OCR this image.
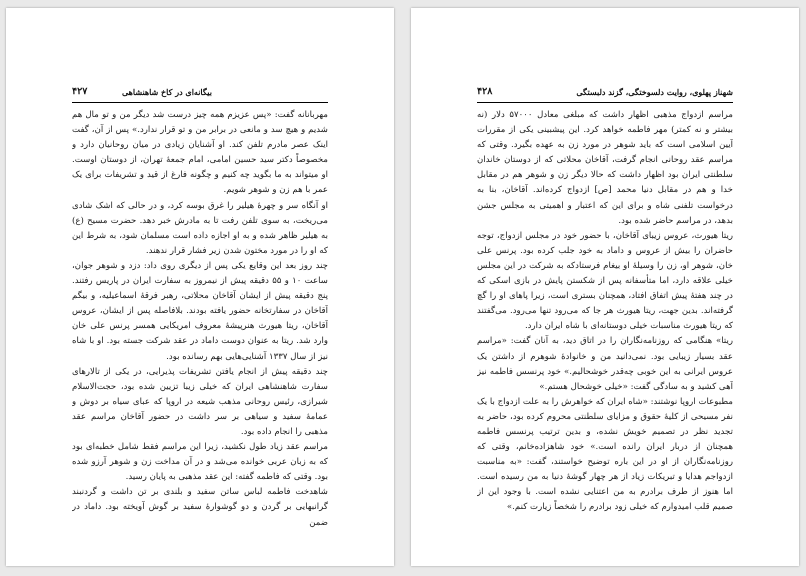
۴۲۷	بیگانه‌ای در کاخ شاهنشاهی

مهربانانه گفت: «پس عزیزم همه چیز درست شد دیگر من و تو مال هم شدیم و هیچ سد و مانعی در برابر من و تو قرار ندارد.» پس از آن، گفت اینک عصر مادرم تلفن کند. او آشنایان زیادی در میان روحانیان دارد و مخصوصاً دکتر سید حسین امامی، امام جمعهٔ تهران، از دوستان اوست. او میتواند به ما بگوید چه کنیم و چگونه فارغ از قید و تشریفات برای یک عمر با هم زن و شوهر شویم.

او آنگاه سر و چهرهٔ هیلیر را غرق بوسه کرد، و در حالی که اشک شادی می‌ریخت، به سوی تلفن رفت تا به مادرش خبر دهد. حضرت مسیح (ع) به هیلیر ظاهر شده و به او اجازه داده است مسلمان شود، به شرط این که او را در مورد مختون شدن زیر فشار قرار ندهند.

چند روز بعد این وقایع یکی پس از دیگری روی داد: دزد و شوهر جوان، ساعت ۱۰ و ۵۵ دقیقه پیش از نیمروز به سفارت ایران در پاریس رفتند. پنج دقیقه پیش از ایشان آقاخان محلاتی، رهبر فرقهٔ اسماعیلیه، و بیگم آقاخان در سفارتخانه حضور یافته بودند. بلافاصله پس از ایشان، عروس آقاخان، ریتا هیورث هنرپیشهٔ معروف امریکایی همسر پرنس علی خان وارد شد. ریتا به عنوان دوست داماد در عقد شرکت جسته بود. او با شاه نیز از سال ۱۳۳۷ آشنایی‌هایی بهم رسانده بود.

چند دقیقه پیش از انجام یافتن تشریفات پذیرایی، در یکی از تالارهای سفارت شاهنشاهی ایران که خیلی زیبا تزیین شده بود، حجت‌الاسلام شیرازی، رئیس روحانی مذهب شیعه در اروپا که عبای سیاه بر دوش و عمامهٔ سفید و سیاهی بر سر داشت در حضور آقاخان مراسم عقد مذهبی را انجام داده بود.

مراسم عقد زیاد طول نکشید، زیرا این مراسم فقط شامل خطبه‌ای بود که به زبان عربی خوانده می‌شد و در آن مداخت زن و شوهر آرزو شده بود. وقتی که فاطمه گفته: این عقد مذهبی به پایان رسید.

شاهدخت فاطمه لباس ساتن سفید و بلندی بر تن داشت و گردنبند گرانبهایی بر گردن و دو گوشوارهٔ سفید بر گوش آویخته بود. داماد در ضمن

۴۲۸	شهناز پهلوی، روایت دلسوختگی، گزند دلبستگی

مراسم ازدواج مذهبی اظهار داشت که مبلغی معادل ۵۷۰۰۰ دلار (نه بیشتر و نه کمتر) مهر فاطمه خواهد کرد. این پیشبینی یکی از مقررات آیین اسلامی است که باید شوهر در مورد زن به عهده بگیرد. وقتی که مراسم عقد روحانی انجام گرفت، آقاخان محلاتی که از دوستان خاندان سلطنتی ایران بود اظهار داشت که حالا دیگر زن و شوهر هم در مقابل خدا و هم در مقابل دنیا محمد [ص] ازدواج کرده‌اند. آقاخان، بنا به درخواست تلفنی شاه و برای این که اعتبار و اهمیتی به مجلس جشن بدهد، در مراسم حاضر شده بود.

ریتا هیورث، عروس زیبای آقاخان، با حضور خود در مجلس ازدواج، توجه حاضران را بیش از عروس و داماد به خود جلب کرده بود. پرنس علی خان، شوهر او، زن را وسیلهٔ او بیغام فرستادکه به شرکت در این مجلس خیلی علاقه دارد، اما متأسفانه پس از شکستن پایش در بازی اسکی که در چند هفتهٔ پیش اتفاق افتاد، همچنان بستری است، زیرا پاهای او را گچ گرفته‌اند. بدین جهت، ریتا هیورث هر جا که می‌رود تنها می‌رود. می‌گفتند که ریتا هیورث مناسبات خیلی دوستانه‌ای با شاه ایران دارد.

ریتا» هنگامی که روزنامه‌نگاران را در اتاق دید، به آنان گفت: «مراسم عقد بسیار زیبایی بود. نمی‌دانید من و خانوادهٔ شوهرم از داشتن یک عروس ایرانی به این خوبی چه‌قدر خوشحالیم.» خود پرنسس فاطمه نیز آهی کشید و به سادگی گفت: «خیلی خوشحال هستم.»

مطبوعات اروپا نوشتند: «شاه ایران که خواهرش را به علت ازدواج با یک نفر مسیحی از کلیهٔ حقوق و مزایای سلطنتی محروم کرده بود، حاضر به تجدید نظر در تصمیم خویش نشده، و بدین ترتیب پرنسس فاطمه همچنان از دربار ایران رانده است.» خود شاهزاده‌خانم، وقتی که روزنامه‌نگاران از او در این باره توضیح خواستند، گفت: «به مناسبت ازدواجم هدایا و تبریکات زیاد از هر چهار گوشهٔ دنیا به من رسیده است. اما هنوز از طرف برادرم به من اعتنایی نشده است. با وجود این از صمیم قلب امیدوارم که خیلی زود برادرم را شخصاً زیارت کنم.»
